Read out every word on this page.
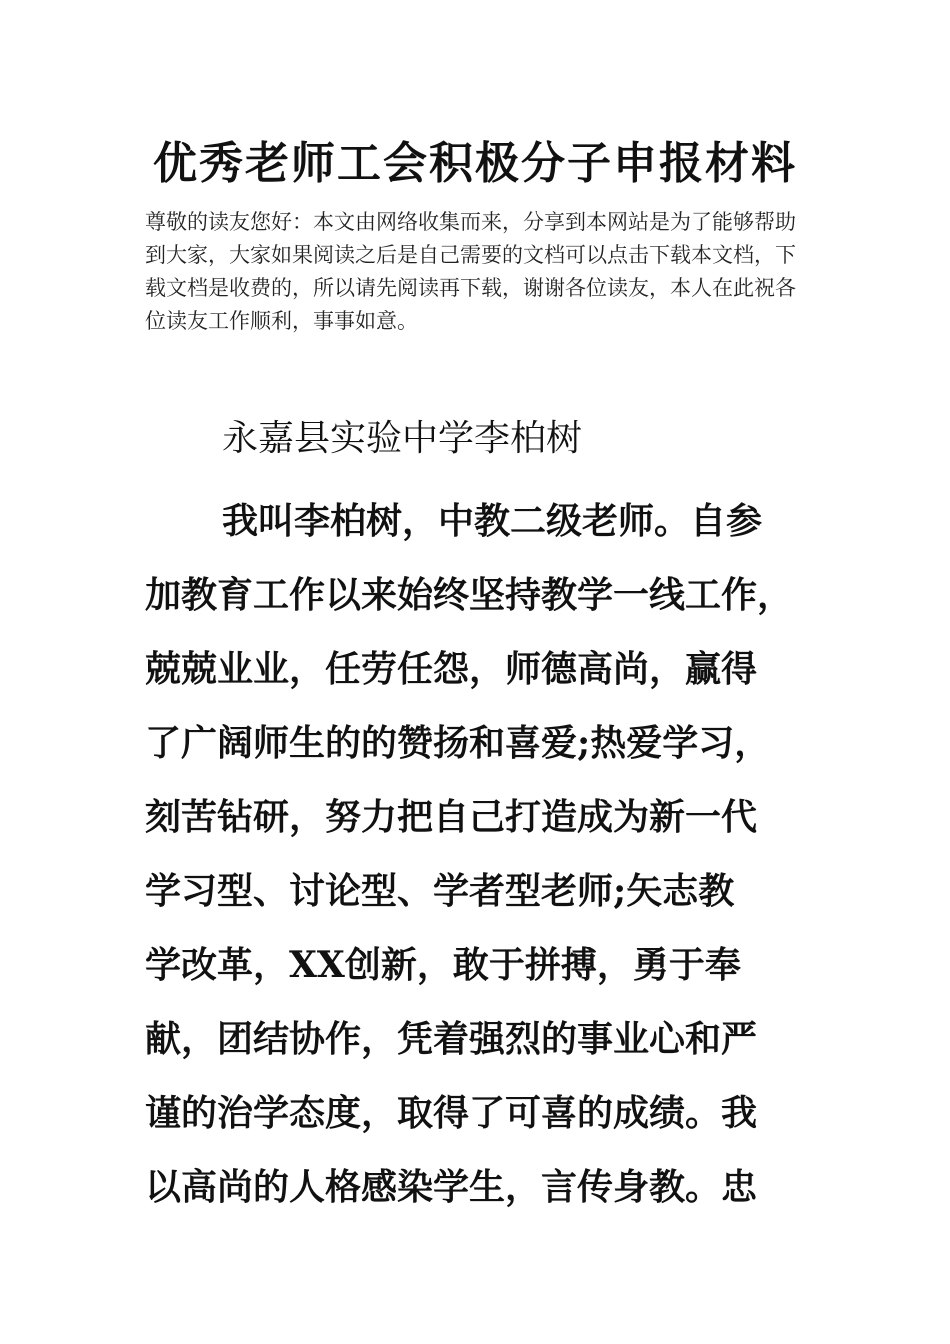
优秀老师工会积极分子申报材料

尊敬的读友您好：本文由网络收集而来，分享到本网站是为了能够帮助到大家，大家如果阅读之后是自己需要的文档可以点击下载本文档，下载文档是收费的，所以请先阅读再下载，谢谢各位读友，本人在此祝各位读友工作顺利，事事如意。

永嘉县实验中学李柏树

我叫李柏树，中教二级老师。自参
加教育工作以来始终坚持教学一线工作，
兢兢业业，任劳任怨，师德高尚，赢得
了广阔师生的的赞扬和喜爱;热爱学习，
刻苦钻研，努力把自己打造成为新一代
学习型、讨论型、学者型老师;矢志教
学改革，XX创新，敢于拼搏，勇于奉
献，团结协作，凭着强烈的事业心和严
谨的治学态度，取得了可喜的成绩。我
以高尚的人格感染学生，言传身教。忠
